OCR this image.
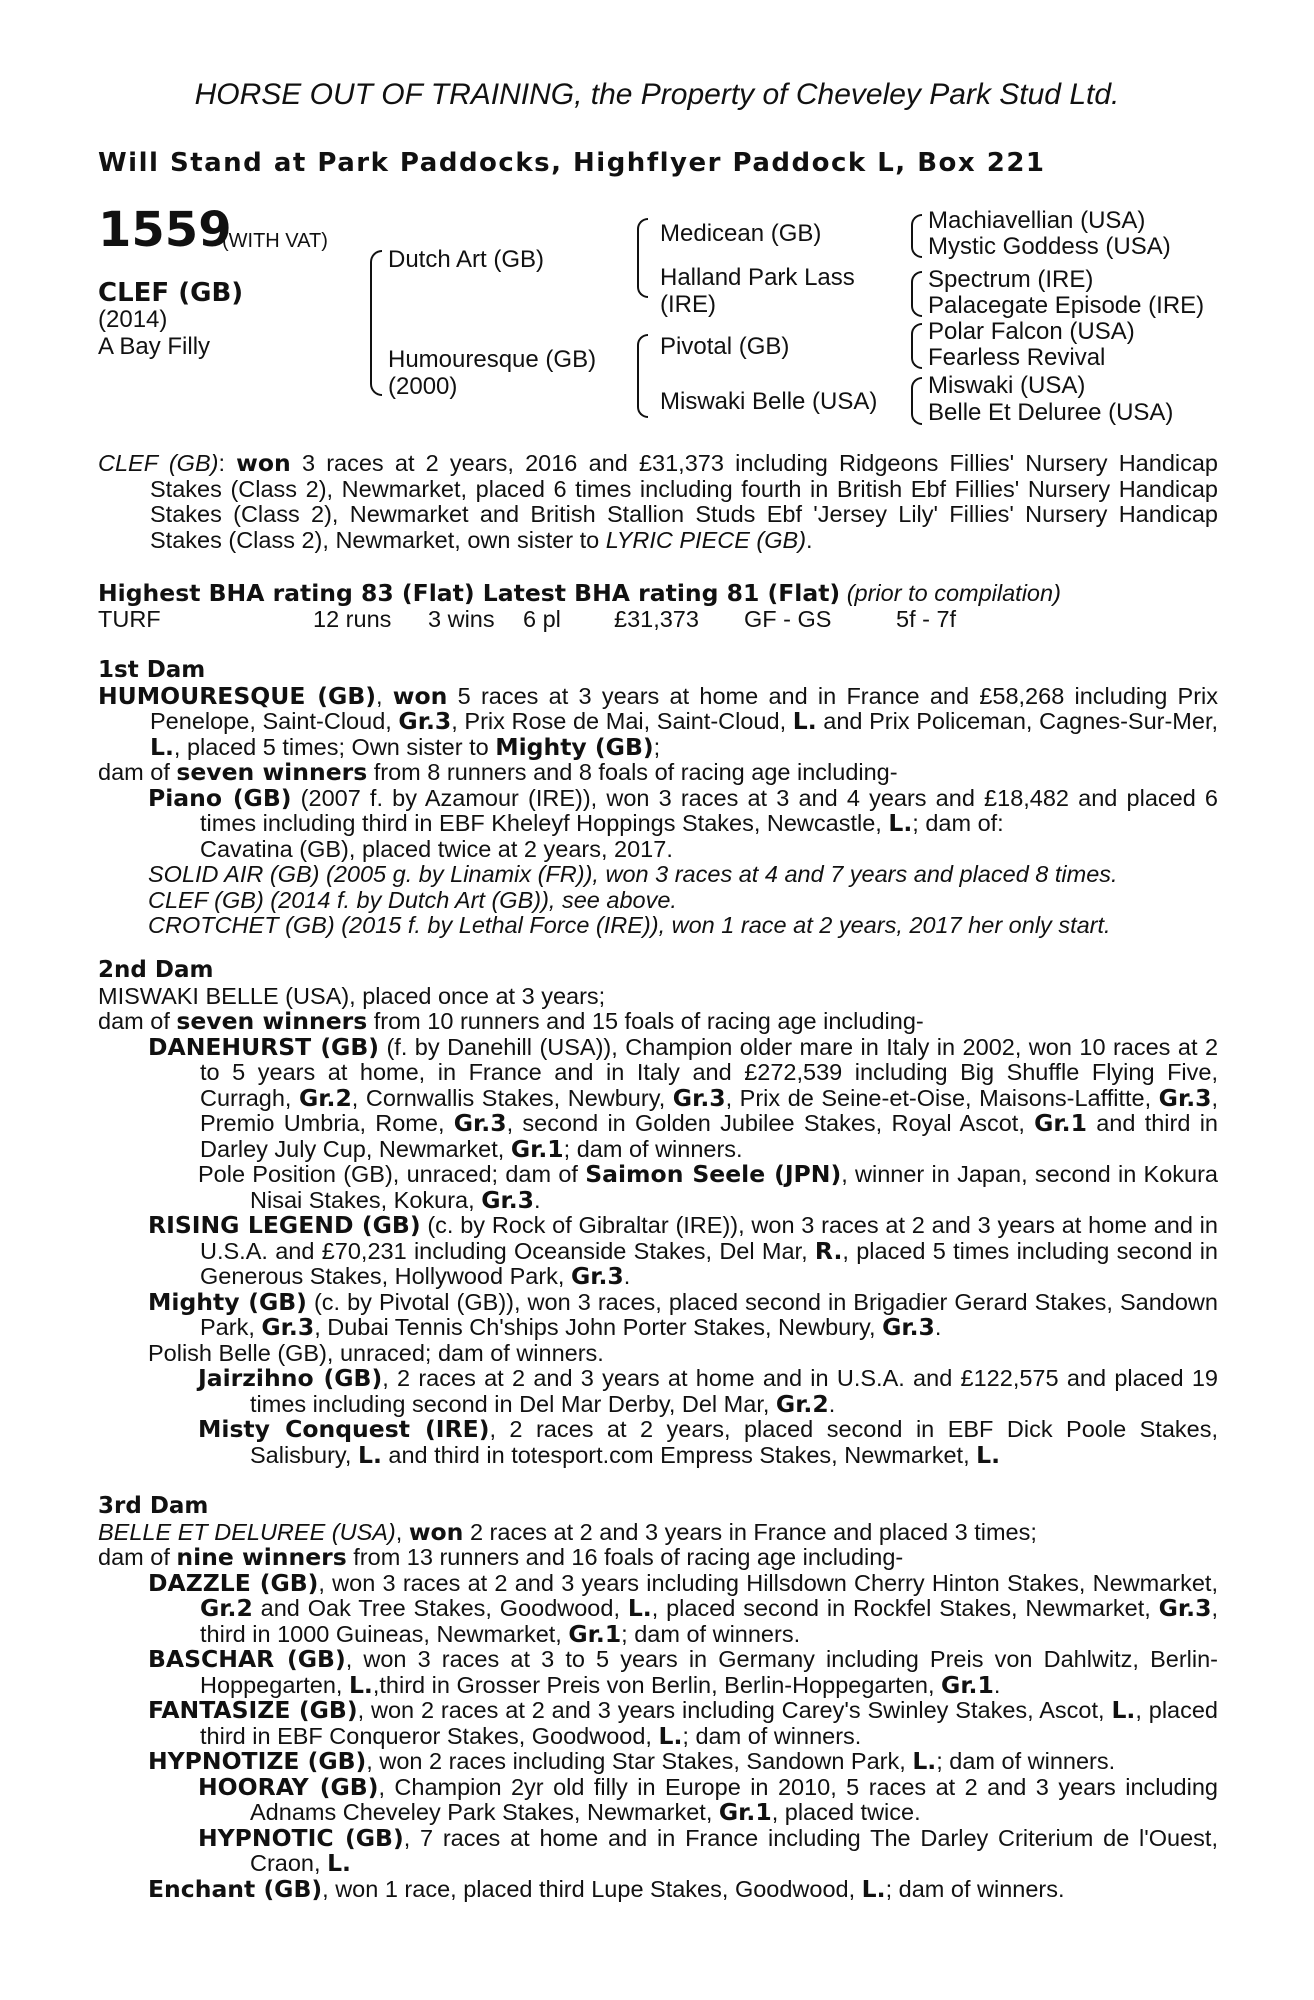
HORSE OUT OF TRAINING, the Property of Cheveley Park Stud Ltd.
Will Stand at Park Paddocks, Highflyer Paddock L, Box 221
1559
(WITH VAT)
CLEF (GB)
(2014)
A Bay Filly
Dutch Art (GB)
Humouresque (GB)
(2000)
Medicean (GB)
Halland Park Lass
(IRE)
Pivotal (GB)
Miswaki Belle (USA)
Machiavellian (USA)
Mystic Goddess (USA)
Spectrum (IRE)
Palacegate Episode (IRE)
Polar Falcon (USA)
Fearless Revival
Miswaki (USA)
Belle Et Deluree (USA)

CLEF (GB): won 3 races at 2 years, 2016 and £31,373 including Ridgeons Fillies' Nursery Handicap Stakes (Class 2), Newmarket, placed 6 times including fourth in British Ebf Fillies' Nursery Handicap Stakes (Class 2), Newmarket and British Stallion Studs Ebf 'Jersey Lily' Fillies' Nursery Handicap Stakes (Class 2), Newmarket, own sister to LYRIC PIECE (GB).

Highest BHA rating 83 (Flat) Latest BHA rating 81 (Flat) (prior to compilation)

TURF	12 runs 3 wins 6 pl £31,373 GF - GS	5f - 7f

1st Dam

HUMOURESQUE (GB), won 5 races at 3 years at home and in France and £58,268 including Prix Penelope, Saint-Cloud, Gr.3, Prix Rose de Mai, Saint-Cloud, L. and Prix Policeman, Cagnes-Sur-Mer, L., placed 5 times; Own sister to Mighty (GB);

dam of seven winners from 8 runners and 8 foals of racing age including-

Piano (GB) (2007 f. by Azamour (IRE)), won 3 races at 3 and 4 years and £18,482 and placed 6 times including third in EBF Kheleyf Hoppings Stakes, Newcastle, L.; dam of:

Cavatina (GB), placed twice at 2 years, 2017.

SOLID AIR (GB) (2005 g. by Linamix (FR)), won 3 races at 4 and 7 years and placed 8 times.

CLEF (GB) (2014 f. by Dutch Art (GB)), see above.

CROTCHET (GB) (2015 f. by Lethal Force (IRE)), won 1 race at 2 years, 2017 her only start.

2nd Dam

MISWAKI BELLE (USA), placed once at 3 years;

dam of seven winners from 10 runners and 15 foals of racing age including-

DANEHURST (GB) (f. by Danehill (USA)), Champion older mare in Italy in 2002, won 10 races at 2 to 5 years at home, in France and in Italy and £272,539 including Big Shuffle Flying Five, Curragh, Gr.2, Cornwallis Stakes, Newbury, Gr.3, Prix de Seine-et-Oise, Maisons-Laffitte, Gr.3, Premio Umbria, Rome, Gr.3, second in Golden Jubilee Stakes, Royal Ascot, Gr.1 and third in Darley July Cup, Newmarket, Gr.1; dam of winners.

Pole Position (GB), unraced; dam of Saimon Seele (JPN), winner in Japan, second in Kokura Nisai Stakes, Kokura, Gr.3.

RISING LEGEND (GB) (c. by Rock of Gibraltar (IRE)), won 3 races at 2 and 3 years at home and in U.S.A. and £70,231 including Oceanside Stakes, Del Mar, R., placed 5 times including second in Generous Stakes, Hollywood Park, Gr.3.

Mighty (GB) (c. by Pivotal (GB)), won 3 races, placed second in Brigadier Gerard Stakes, Sandown Park, Gr.3, Dubai Tennis Ch'ships John Porter Stakes, Newbury, Gr.3.

Polish Belle (GB), unraced; dam of winners.

Jairzihno (GB), 2 races at 2 and 3 years at home and in U.S.A. and £122,575 and placed 19 times including second in Del Mar Derby, Del Mar, Gr.2.

Misty Conquest (IRE), 2 races at 2 years, placed second in EBF Dick Poole Stakes, Salisbury, L. and third in totesport.com Empress Stakes, Newmarket, L.

3rd Dam

BELLE ET DELUREE (USA), won 2 races at 2 and 3 years in France and placed 3 times;

dam of nine winners from 13 runners and 16 foals of racing age including-

DAZZLE (GB), won 3 races at 2 and 3 years including Hillsdown Cherry Hinton Stakes, Newmarket, Gr.2 and Oak Tree Stakes, Goodwood, L., placed second in Rockfel Stakes, Newmarket, Gr.3, third in 1000 Guineas, Newmarket, Gr.1; dam of winners.

BASCHAR (GB), won 3 races at 3 to 5 years in Germany including Preis von Dahlwitz, Berlin-Hoppegarten, L.,third in Grosser Preis von Berlin, Berlin-Hoppegarten, Gr.1.

FANTASIZE (GB), won 2 races at 2 and 3 years including Carey's Swinley Stakes, Ascot, L., placed third in EBF Conqueror Stakes, Goodwood, L.; dam of winners.

HYPNOTIZE (GB), won 2 races including Star Stakes, Sandown Park, L.; dam of winners.

HOORAY (GB), Champion 2yr old filly in Europe in 2010, 5 races at 2 and 3 years including Adnams Cheveley Park Stakes, Newmarket, Gr.1, placed twice.

HYPNOTIC (GB), 7 races at home and in France including The Darley Criterium de l'Ouest, Craon, L.

Enchant (GB), won 1 race, placed third Lupe Stakes, Goodwood, L.; dam of winners.
